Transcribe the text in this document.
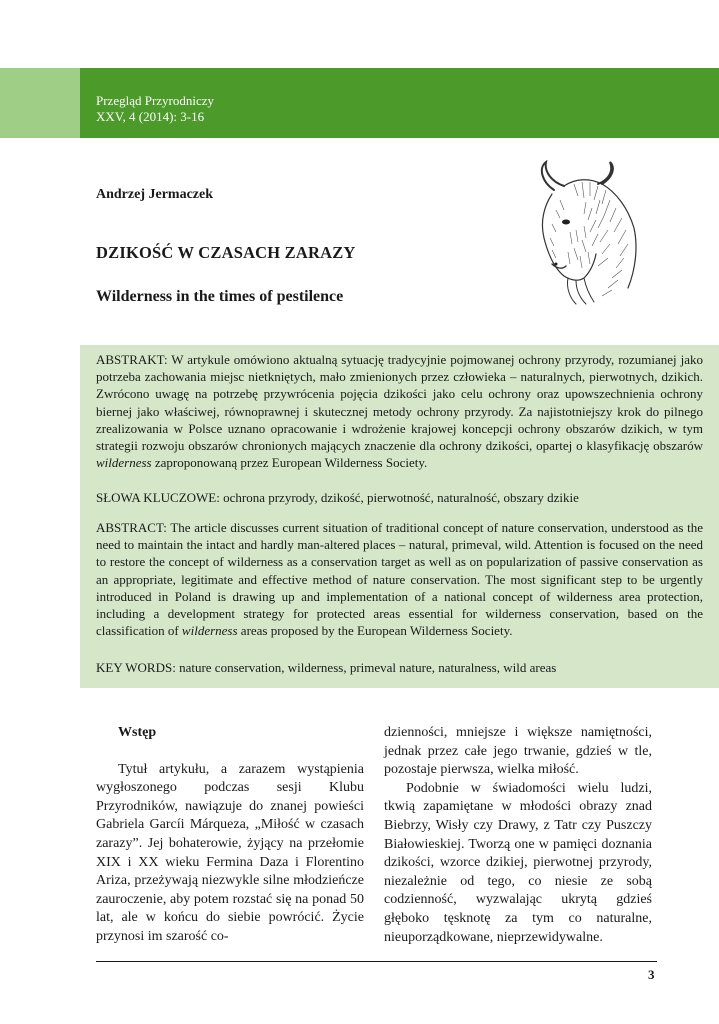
Przegląd Przyrodniczy
XXV, 4 (2014): 3-16
Andrzej Jermaczek
DZIKOŚĆ W CZASACH ZARAZY
Wilderness in the times of pestilence

ABSTRAKT: W artykule omówiono aktualną sytuację tradycyjnie pojmowanej ochrony przyrody, rozumianej jako potrzeba zachowania miejsc nietkniętych, mało zmienionych przez człowieka – naturalnych, pierwotnych, dzikich. Zwrócono uwagę na potrzebę przywrócenia pojęcia dzikości jako celu ochrony oraz upowszechnienia ochrony biernej jako właściwej, równoprawnej i skutecznej metody ochrony przyrody. Za najistotniejszy krok do pilnego zrealizowania w Polsce uznano opracowanie i wdrożenie krajowej koncepcji ochrony obszarów dzikich, w tym strategii rozwoju obszarów chronionych mających znaczenie dla ochrony dzikości, opartej o klasyfikację obszarów wilderness zaproponowaną przez European Wilderness Society.

SŁOWA KLUCZOWE: ochrona przyrody, dzikość, pierwotność, naturalność, obszary dzikie

ABSTRACT: The article discusses current situation of traditional concept of nature conservation, understood as the need to maintain the intact and hardly man-altered places – natural, primeval, wild. Attention is focused on the need to restore the concept of wilderness as a conservation target as well as on popularization of passive conservation as an appropriate, legitimate and effective method of nature conservation. The most significant step to be urgently introduced in Poland is drawing up and implementation of a national concept of wilderness area protection, including a development strategy for protected areas essential for wilderness conservation, based on the classification of wilderness areas proposed by the European Wilderness Society.

KEY WORDS: nature conservation, wilderness, primeval nature, naturalness, wild areas

Wstęp

Tytuł artykułu, a zarazem wystąpienia wygłoszonego podczas sesji Klubu Przyrodników, nawiązuje do znanej powieści Gabriela Garcíi Márqueza, „Miłość w czasach zarazy”. Jej bohaterowie, żyjący na przełomie XIX i XX wieku Fermina Daza i Florentino Ariza, przeżywają niezwykle silne młodzieńcze zauroczenie, aby potem rozstać się na ponad 50 lat, ale w końcu do siebie powrócić. Życie przynosi im szarość co-

dzienności, mniejsze i większe namiętności, jednak przez całe jego trwanie, gdzieś w tle, pozostaje pierwsza, wielka miłość.

Podobnie w świadomości wielu ludzi, tkwią zapamiętane w młodości obrazy znad Biebrzy, Wisły czy Drawy, z Tatr czy Puszczy Białowieskiej. Tworzą one w pamięci doznania dzikości, wzorce dzikiej, pierwotnej przyrody, niezależnie od tego, co niesie ze sobą codzienność, wyzwalając ukrytą gdzieś głęboko tęsknotę za tym co naturalne, nieuporządkowane, nieprzewidywalne.

3
